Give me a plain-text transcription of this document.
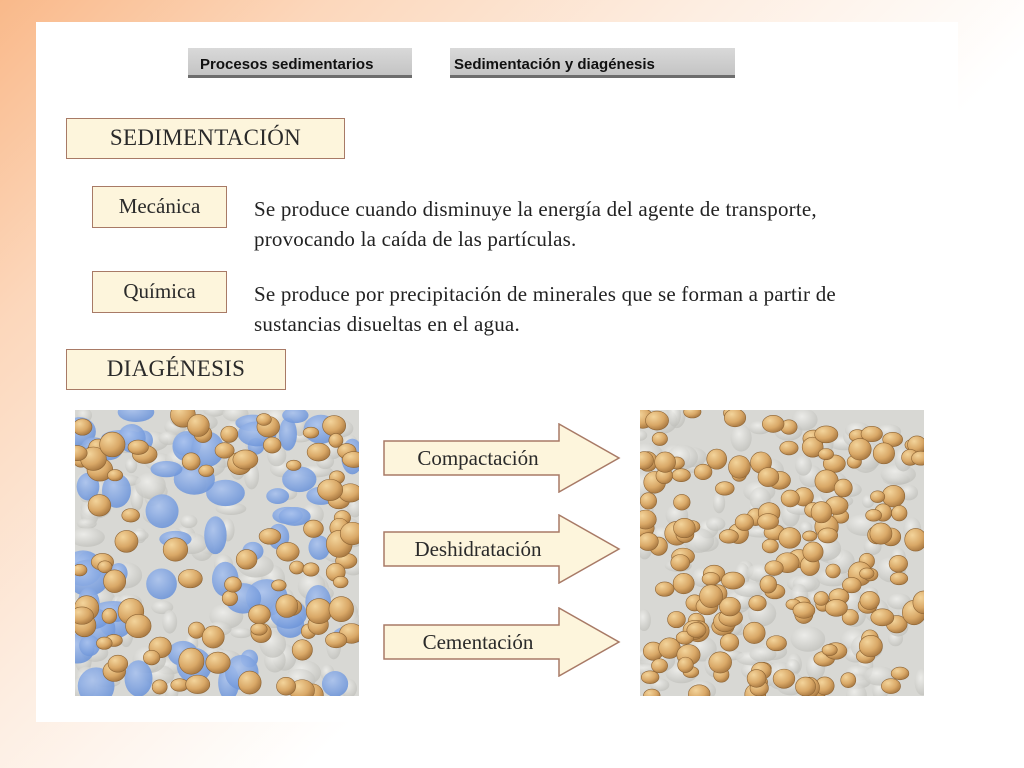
Procesos sedimentarios	Sedimentación y diagénesis
SEDIMENTACIÓN
Mecánica	Se produce cuando disminuye la energía del agente de transporte,
provocando la caída de las partículas.
Química	Se produce por precipitación de minerales que se forman a partir de
sustancias disueltas en el agua.
DIAGÉNESIS
Compactación
Deshidratación
Cementación
